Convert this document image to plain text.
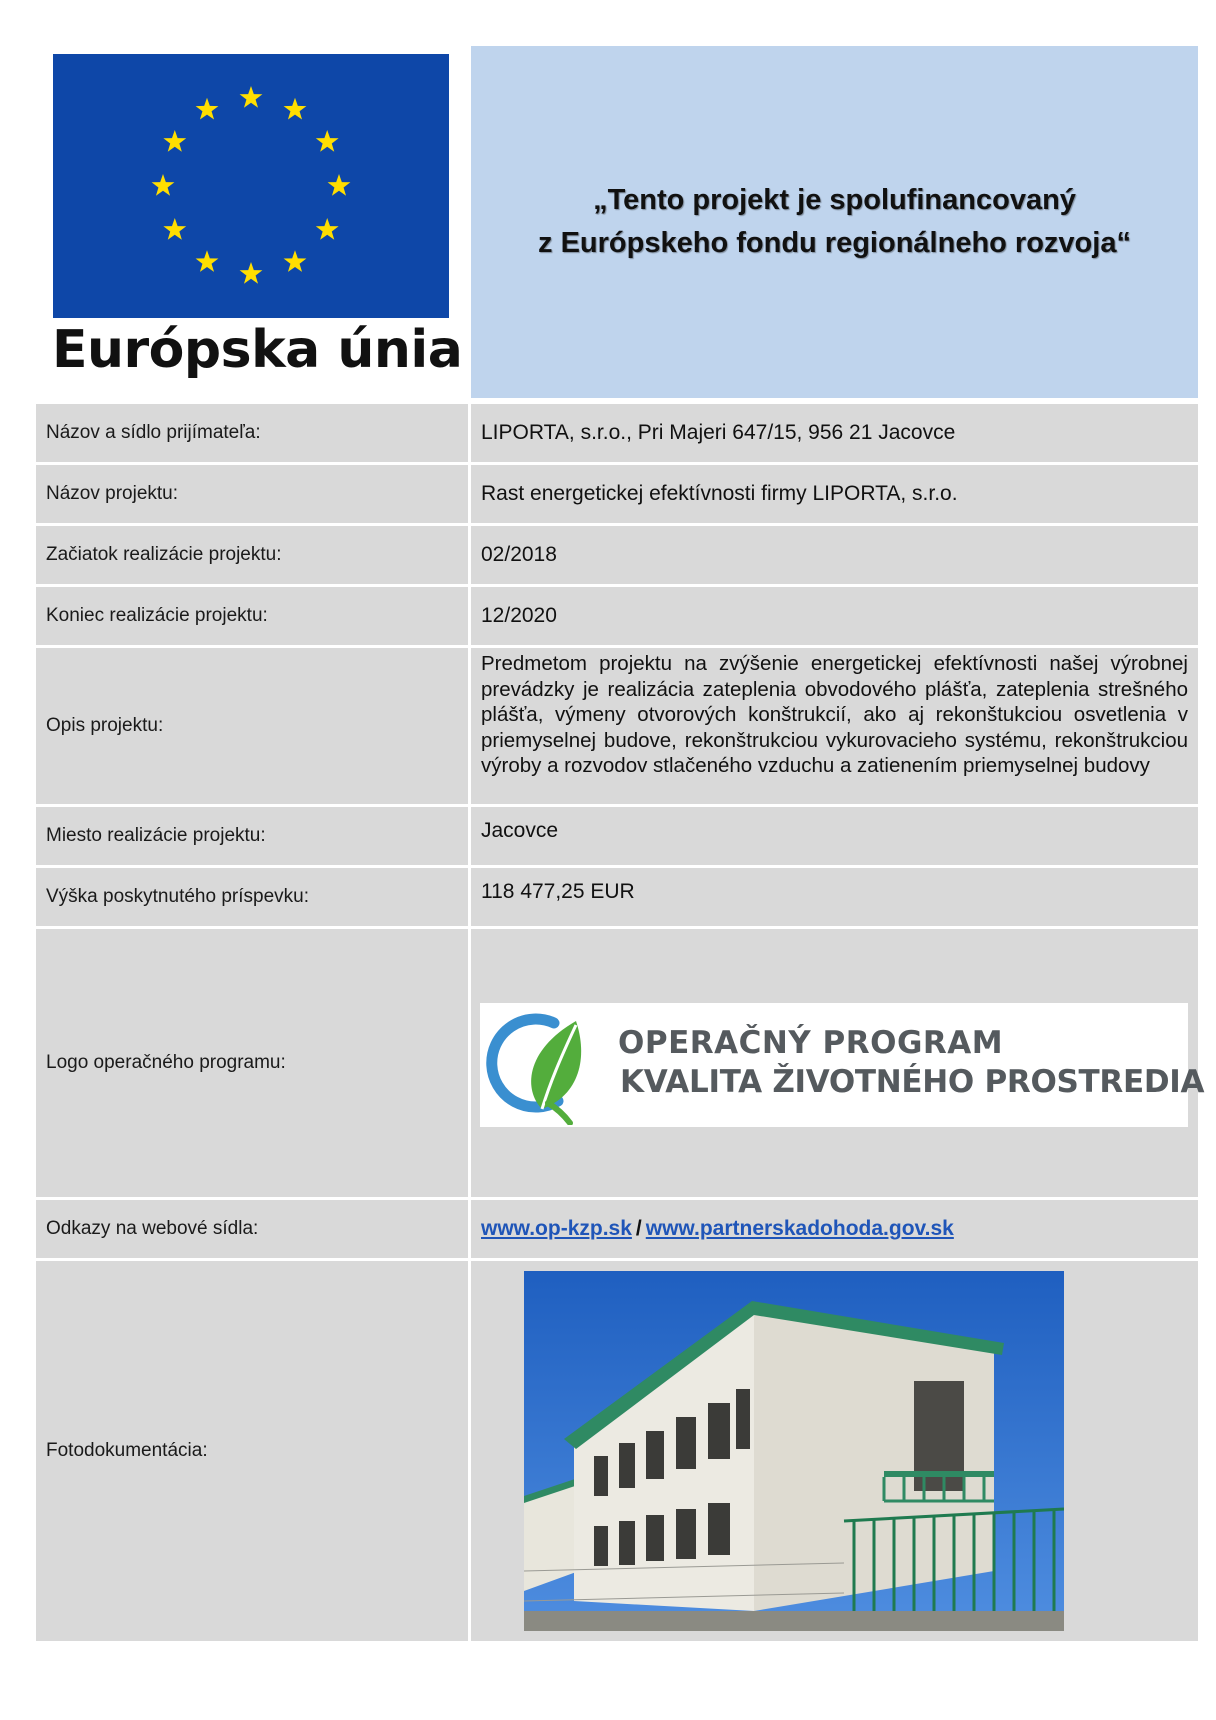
Európska únia
„Tento projekt je spolufinancovaný
z Európskeho fondu regionálneho rozvoja“
Názov a sídlo prijímateľa:	LIPORTA, s.r.o., Pri Majeri 647/15, 956 21 Jacovce
Názov projektu:	Rast energetickej efektívnosti firmy LIPORTA, s.r.o.
Začiatok realizácie projektu:	02/2018
Koniec realizácie projektu:	12/2020
Opis projektu:
Predmetom projektu na zvýšenie energetickej efektívnosti našej výrobnej prevádzky je realizácia zateplenia obvodového plášťa, zateplenia strešného plášťa, výmeny otvorových konštrukcií, ako aj rekonštukciou osvetlenia v priemyselnej budove, rekonštrukciou vykurovacieho systému, rekonštrukciou výroby a rozvodov stlačeného vzduchu a zatienením priemyselnej budovy
Miesto realizácie projektu:	Jacovce
Výška poskytnutého príspevku:	118 477,25 EUR
Logo operačného programu:
OPERAČNÝ PROGRAM
KVALITA ŽIVOTNÉHO PROSTREDIA
Odkazy na webové sídla:	www.op-kzp.sk / www.partnerskadohoda.gov.sk
Fotodokumentácia:
